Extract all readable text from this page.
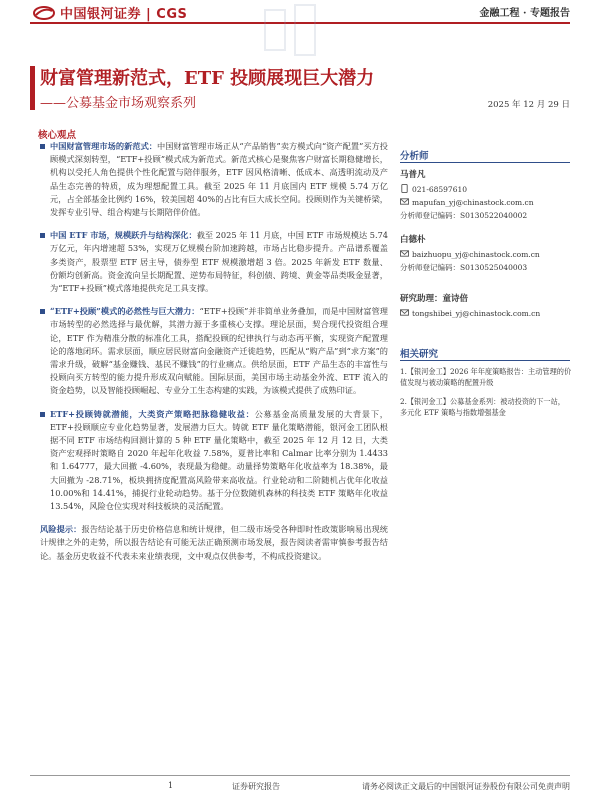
中国银河证券 | CGS	金融工程 · 专题报告
财富管理新范式，ETF 投顾展现巨大潜力
——公募基金市场观察系列	2025 年 12 月 29 日
核心观点
中国财富管理市场的新范式：中国财富管理市场正从“产品销售”卖方模式向“资产配置”买方投顾模式深刻转型，“ETF+投顾”模式成为新范式。新范式核心是聚焦客户财富长期稳健增长，机构以受托人角色提供个性化配置与陪伴服务，ETF 因风格清晰、低成本、高透明流动及产品生态完善的特质，成为理想配置工具。截至 2025 年 11 月底国内 ETF 规模 5.74 万亿元，占全部基金比例约 16%，较美国超 40%的占比有巨大成长空间。投顾则作为关键桥梁，发挥专业引导、组合构建与长期陪伴价值。
中国 ETF 市场，规模跃升与结构深化：截至 2025 年 11 月底，中国 ETF 市场规模达 5.74 万亿元，年内增速超 53%，实现万亿规模台阶加速跨越，市场占比稳步提升。产品谱系覆盖多类资产，股票型 ETF 居主导，债券型 ETF 规模激增超 3 倍。2025 年新发 ETF 数量、份额均创新高。资金流向呈长期配置、逆势布局特征，科创债、跨境、黄金等品类吸金显著，为“ETF+投顾”模式落地提供充足工具支撑。
“ETF+投顾”模式的必然性与巨大潜力：“ETF+投顾”并非简单业务叠加，而是中国财富管理市场转型的必然选择与最优解，其潜力源于多重核心支撑。理论层面，契合现代投资组合理论，ETF 作为精准分散的标准化工具，搭配投顾的纪律执行与动态再平衡，实现资产配置理论的落地闭环。需求层面，顺应居民财富向金融资产迁徙趋势，匹配从“购产品”到“求方案”的需求升级，破解“基金赚钱、基民不赚钱”的行业痛点。供给层面，ETF 产品生态的丰富性与投顾向买方转型的能力提升形成双向赋能。国际层面，美国市场主动基金外流、ETF 流入的资金趋势，以及智能投顾崛起、专业分工生态构建的实践，为该模式提供了成熟印证。
ETF+投顾铸就潜能，大类资产策略把脉稳健收益：公募基金高质量发展的大背景下，ETF+投顾顺应专业化趋势显著，发展潜力巨大。铸就 ETF 量化策略潜能，银河金工团队根据不同 ETF 市场结构回测计算的 5 种 ETF 量化策略中，截至 2025 年 12 月 12 日，大类资产宏观择时策略自 2020 年起年化收益 7.58%，夏普比率和 Calmar 比率分别为 1.4433 和 1.64777，最大回撤 -4.60%，表现最为稳健。动量择势策略年化收益率为 18.38%，最大回撤为 -28.71%，板块拥挤度配置高风险带来高收益。行业轮动和二阶随机占优年化收益 10.00%和 14.41%，捕捉行业轮动趋势。基于分位数随机森林的科技类 ETF 策略年化收益 13.54%，风险仓位实现对科技板块的灵活配置。
风险提示：报告结论基于历史价格信息和统计规律，但二级市场受各种即时性政策影响易出现统计规律之外的走势，所以报告结论有可能无法正确预测市场发展，报告阅读者需审慎参考报告结论。基金历史收益不代表未来业绩表现，文中观点仅供参考，不构成投资建议。
分析师
马普凡
021-68597610
mapufan_yj@chinastock.com.cn
分析师登记编码：S0130522040002
白德朴
baizhuopu_yj@chinastock.com.cn
分析师登记编码：S0130525040003
研究助理：童诗倍
tongshibei_yj@chinastock.com.cn
相关研究
1.【银河金工】2026 年年度策略报告：主动管理的价值发现与被动策略的配置升级
2.【银河金工】公募基金系列：被动投资的下一站，多元化 ETF 策略与指数增强基金
1	证券研究报告	请务必阅读正文最后的中国银河证券股份有限公司免责声明
